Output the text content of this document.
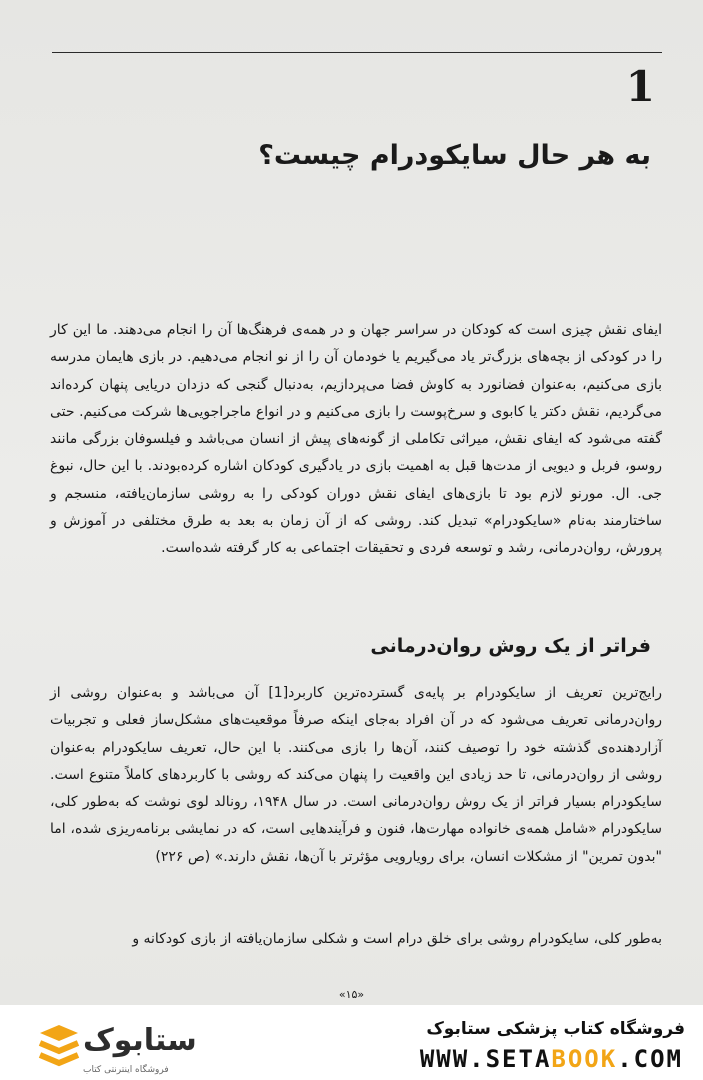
1
به هر حال سایکودرام چیست؟
ایفای نقش چیزی است که کودکان در سراسر جهان و در همه‌ی فرهنگ‌ها آن را انجام می‌دهند. ما این کار را در کودکی از بچه‌های بزرگ‌تر یاد می‌گیریم یا خودمان آن را از نو انجام می‌دهیم. در بازی هایمان مدرسه بازی می‌کنیم، به‌عنوان فضانورد به کاوش فضا می‌پردازیم، به‌دنبال گنجی که دزدان دریایی پنهان کرده‌اند می‌گردیم، نقش دکتر یا کابوی و سرخ‌پوست را بازی می‌کنیم و در انواع ماجراجویی‌ها شرکت می‌کنیم. حتی گفته می‌شود که ایفای نقش، میراثی تکاملی از گونه‌های پیش از انسان می‌باشد و فیلسوفان بزرگی مانند روسو، فربل و دیویی از مدت‌ها قبل به اهمیت بازی در یادگیری کودکان اشاره کرده‌بودند. با این حال، نبوغ جی. ال. مورنو لازم بود تا بازی‌های ایفای نقش دوران کودکی را به روشی سازمان‌یافته، منسجم و ساختارمند به‌نام «سایکودرام» تبدیل کند. روشی که از آن زمان به بعد به طرق مختلفی در آموزش و پرورش، روان‌درمانی، رشد و توسعه فردی و تحقیقات اجتماعی به کار گرفته شده‌است.
فراتر از یک روش روان‌درمانی
رایج‌ترین تعریف از سایکودرام بر پایه‌ی گسترده‌ترین کاربرد[1] آن می‌باشد و به‌عنوان روشی از روان‌درمانی تعریف می‌شود که در آن افراد به‌جای اینکه صرفاً موقعیت‌های مشکل‌ساز فعلی و تجربیات آزاردهنده‌ی گذشته خود را توصیف کنند، آن‌ها را بازی می‌کنند. با این حال، تعریف سایکودرام به‌عنوان روشی از روان‌درمانی، تا حد زیادی این واقعیت را پنهان می‌کند که روشی با کاربردهای کاملاً متنوع است. سایکودرام بسیار فراتر از یک روش روان‌درمانی است. در سال ۱۹۴۸، رونالد لوی نوشت که به‌طور کلی، سایکودرام «شامل همه‌ی خانواده مهارت‌ها، فنون و فرآیندهایی است، که در نمایشی برنامه‌ریزی شده، اما "بدون تمرین" از مشکلات انسان، برای رویارویی مؤثرتر با آن‌ها، نقش دارند.» (ص ۲۲۶)
به‌طور کلی، سایکودرام روشی برای خلق درام است و شکلی سازمان‌یافته از بازی کودکانه و
«۱۵»
ستابوک
فروشگاه اینترنتی کتاب
فروشگاه کتاب پزشکی ستابوک
WWW.SETABOOK.COM
